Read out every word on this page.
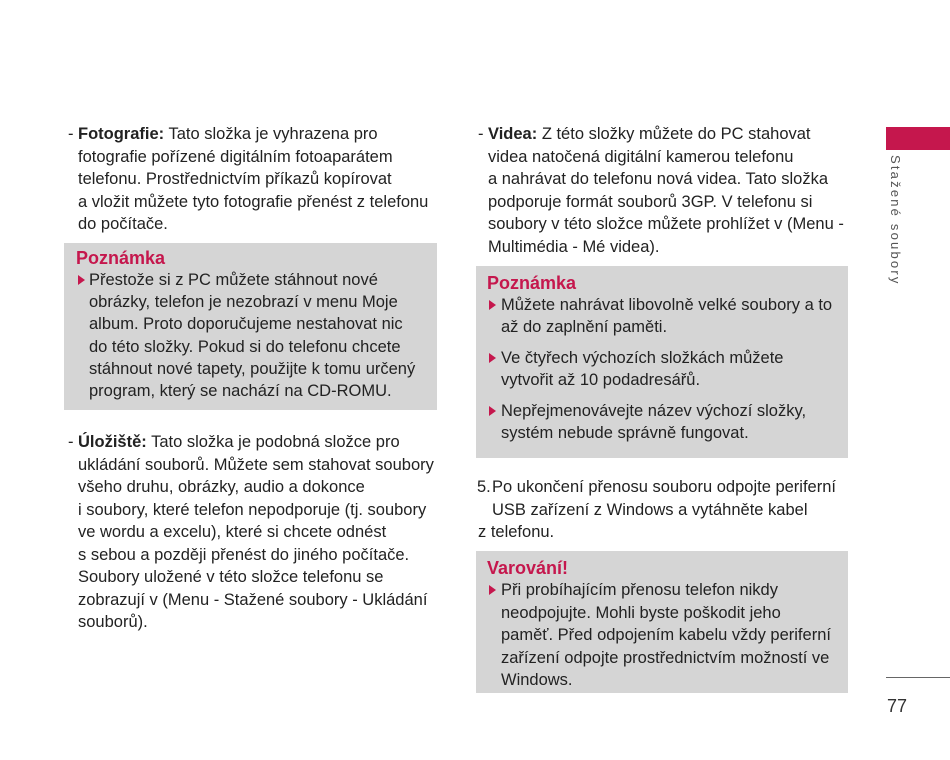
- Fotografie: Tato složka je vyhrazena pro
fotografie pořízené digitálním fotoaparátem
telefonu. Prostřednictvím příkazů kopírovat
a vložit můžete tyto fotografie přenést z telefonu
do počítače.
Poznámka
Přestože si z PC můžete stáhnout nové
obrázky, telefon je nezobrazí v menu Moje
album. Proto doporučujeme nestahovat nic
do této složky. Pokud si do telefonu chcete
stáhnout nové tapety, použijte k tomu určený
program, který se nachází na CD-ROMU.
- Úložiště: Tato složka je podobná složce pro
ukládání souborů. Můžete sem stahovat soubory
všeho druhu, obrázky, audio a dokonce
i soubory, které telefon nepodporuje (tj. soubory
ve wordu a excelu), které si chcete odnést
s sebou a později přenést do jiného počítače.
Soubory uložené v této složce telefonu se
zobrazují v (Menu - Stažené soubory - Ukládání
souborů).
- Videa: Z této složky můžete do PC stahovat
videa natočená digitální kamerou telefonu
a nahrávat do telefonu nová videa. Tato složka
podporuje formát souborů 3GP. V telefonu si
soubory v této složce můžete prohlížet v (Menu -
Multimédia - Mé videa).
Poznámka
Můžete nahrávat libovolně velké soubory a to
až do zaplnění paměti.
Ve čtyřech výchozích složkách můžete
vytvořit až 10 podadresářů.
Nepřejmenovávejte název výchozí složky,
systém nebude správně fungovat.
5. Po ukončení přenosu souboru odpojte periferní
USB zařízení z Windows a vytáhněte kabel
z telefonu.
Varování!
Při probíhajícím přenosu telefon nikdy
neodpojujte. Mohli byste poškodit jeho
paměť. Před odpojením kabelu vždy periferní
zařízení odpojte prostřednictvím možností ve
Windows.
Stažené soubory
77
